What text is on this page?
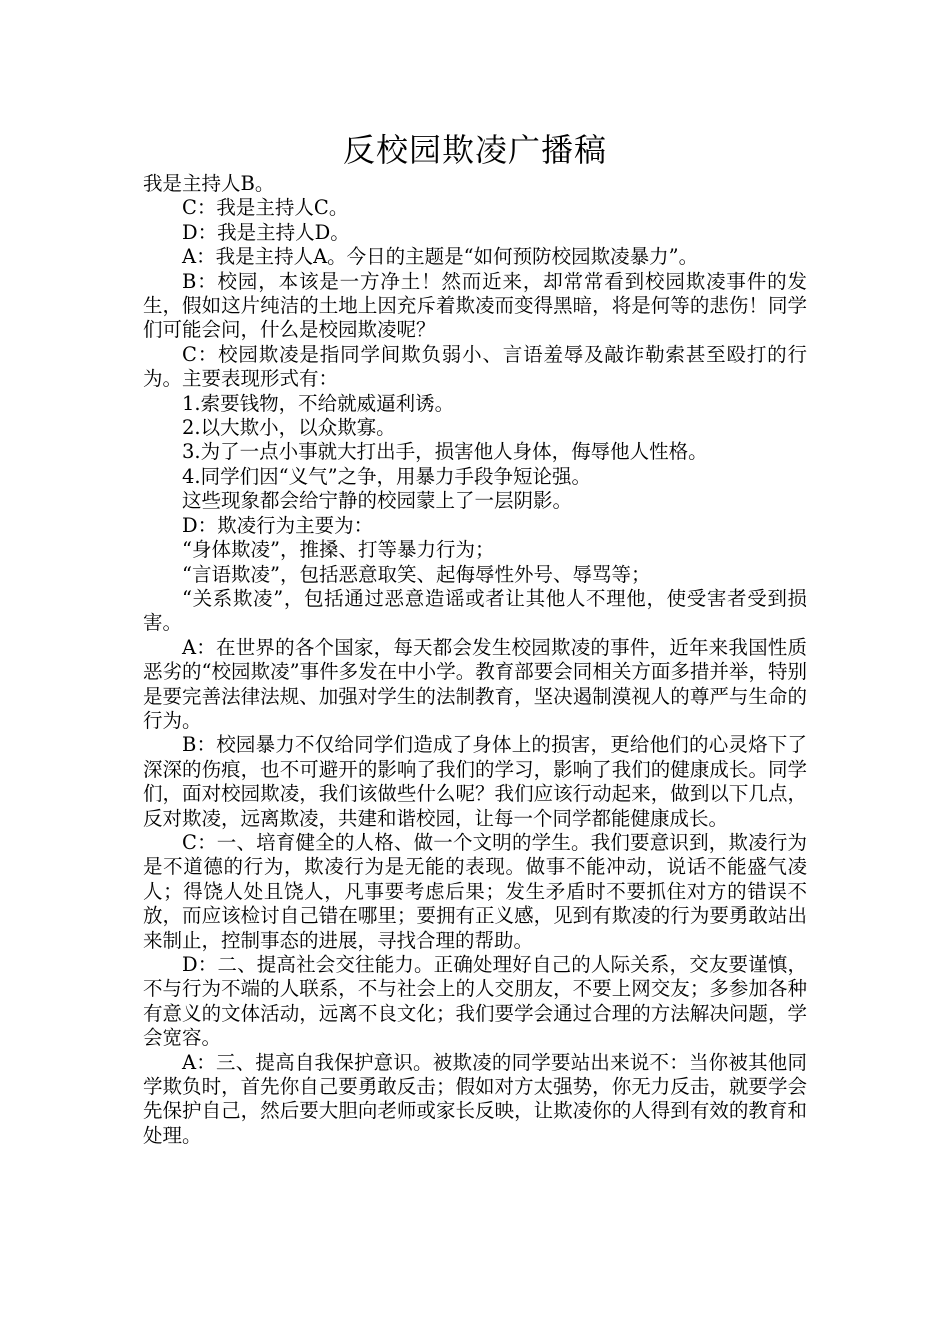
反校园欺凌广播稿

我是主持人B。

C：我是主持人C。

D：我是主持人D。

A：我是主持人A。今日的主题是“如何预防校园欺凌暴力”。

B：校园，本该是一方净土！然而近来，却常常看到校园欺凌事件的发生，假如这片纯洁的土地上因充斥着欺凌而变得黑暗，将是何等的悲伤！同学们可能会问，什么是校园欺凌呢？

C：校园欺凌是指同学间欺负弱小、言语羞辱及敲诈勒索甚至殴打的行为。主要表现形式有：

1.索要钱物，不给就威逼利诱。

2.以大欺小，以众欺寡。

3.为了一点小事就大打出手，损害他人身体，侮辱他人性格。

4.同学们因“义气”之争，用暴力手段争短论强。

这些现象都会给宁静的校园蒙上了一层阴影。

D：欺凌行为主要为：

“身体欺凌”，推搡、打等暴力行为；

“言语欺凌”，包括恶意取笑、起侮辱性外号、辱骂等；

“关系欺凌”，包括通过恶意造谣或者让其他人不理他，使受害者受到损害。

A：在世界的各个国家，每天都会发生校园欺凌的事件，近年来我国性质恶劣的“校园欺凌”事件多发在中小学。教育部要会同相关方面多措并举，特别是要完善法律法规、加强对学生的法制教育，坚决遏制漠视人的尊严与生命的行为。

B：校园暴力不仅给同学们造成了身体上的损害，更给他们的心灵烙下了深深的伤痕，也不可避开的影响了我们的学习，影响了我们的健康成长。同学们，面对校园欺凌，我们该做些什么呢？我们应该行动起来，做到以下几点，反对欺凌，远离欺凌，共建和谐校园，让每一个同学都能健康成长。

C：一、培育健全的人格、做一个文明的学生。我们要意识到，欺凌行为是不道德的行为，欺凌行为是无能的表现。做事不能冲动，说话不能盛气凌人；得饶人处且饶人，凡事要考虑后果；发生矛盾时不要抓住对方的错误不放，而应该检讨自己错在哪里；要拥有正义感，见到有欺凌的行为要勇敢站出来制止，控制事态的进展，寻找合理的帮助。

D：二、提高社会交往能力。正确处理好自己的人际关系，交友要谨慎，不与行为不端的人联系，不与社会上的人交朋友，不要上网交友；多参加各种有意义的文体活动，远离不良文化；我们要学会通过合理的方法解决问题，学会宽容。

A：三、提高自我保护意识。被欺凌的同学要站出来说不：当你被其他同学欺负时，首先你自己要勇敢反击；假如对方太强势，你无力反击，就要学会先保护自己，然后要大胆向老师或家长反映，让欺凌你的人得到有效的教育和处理。
